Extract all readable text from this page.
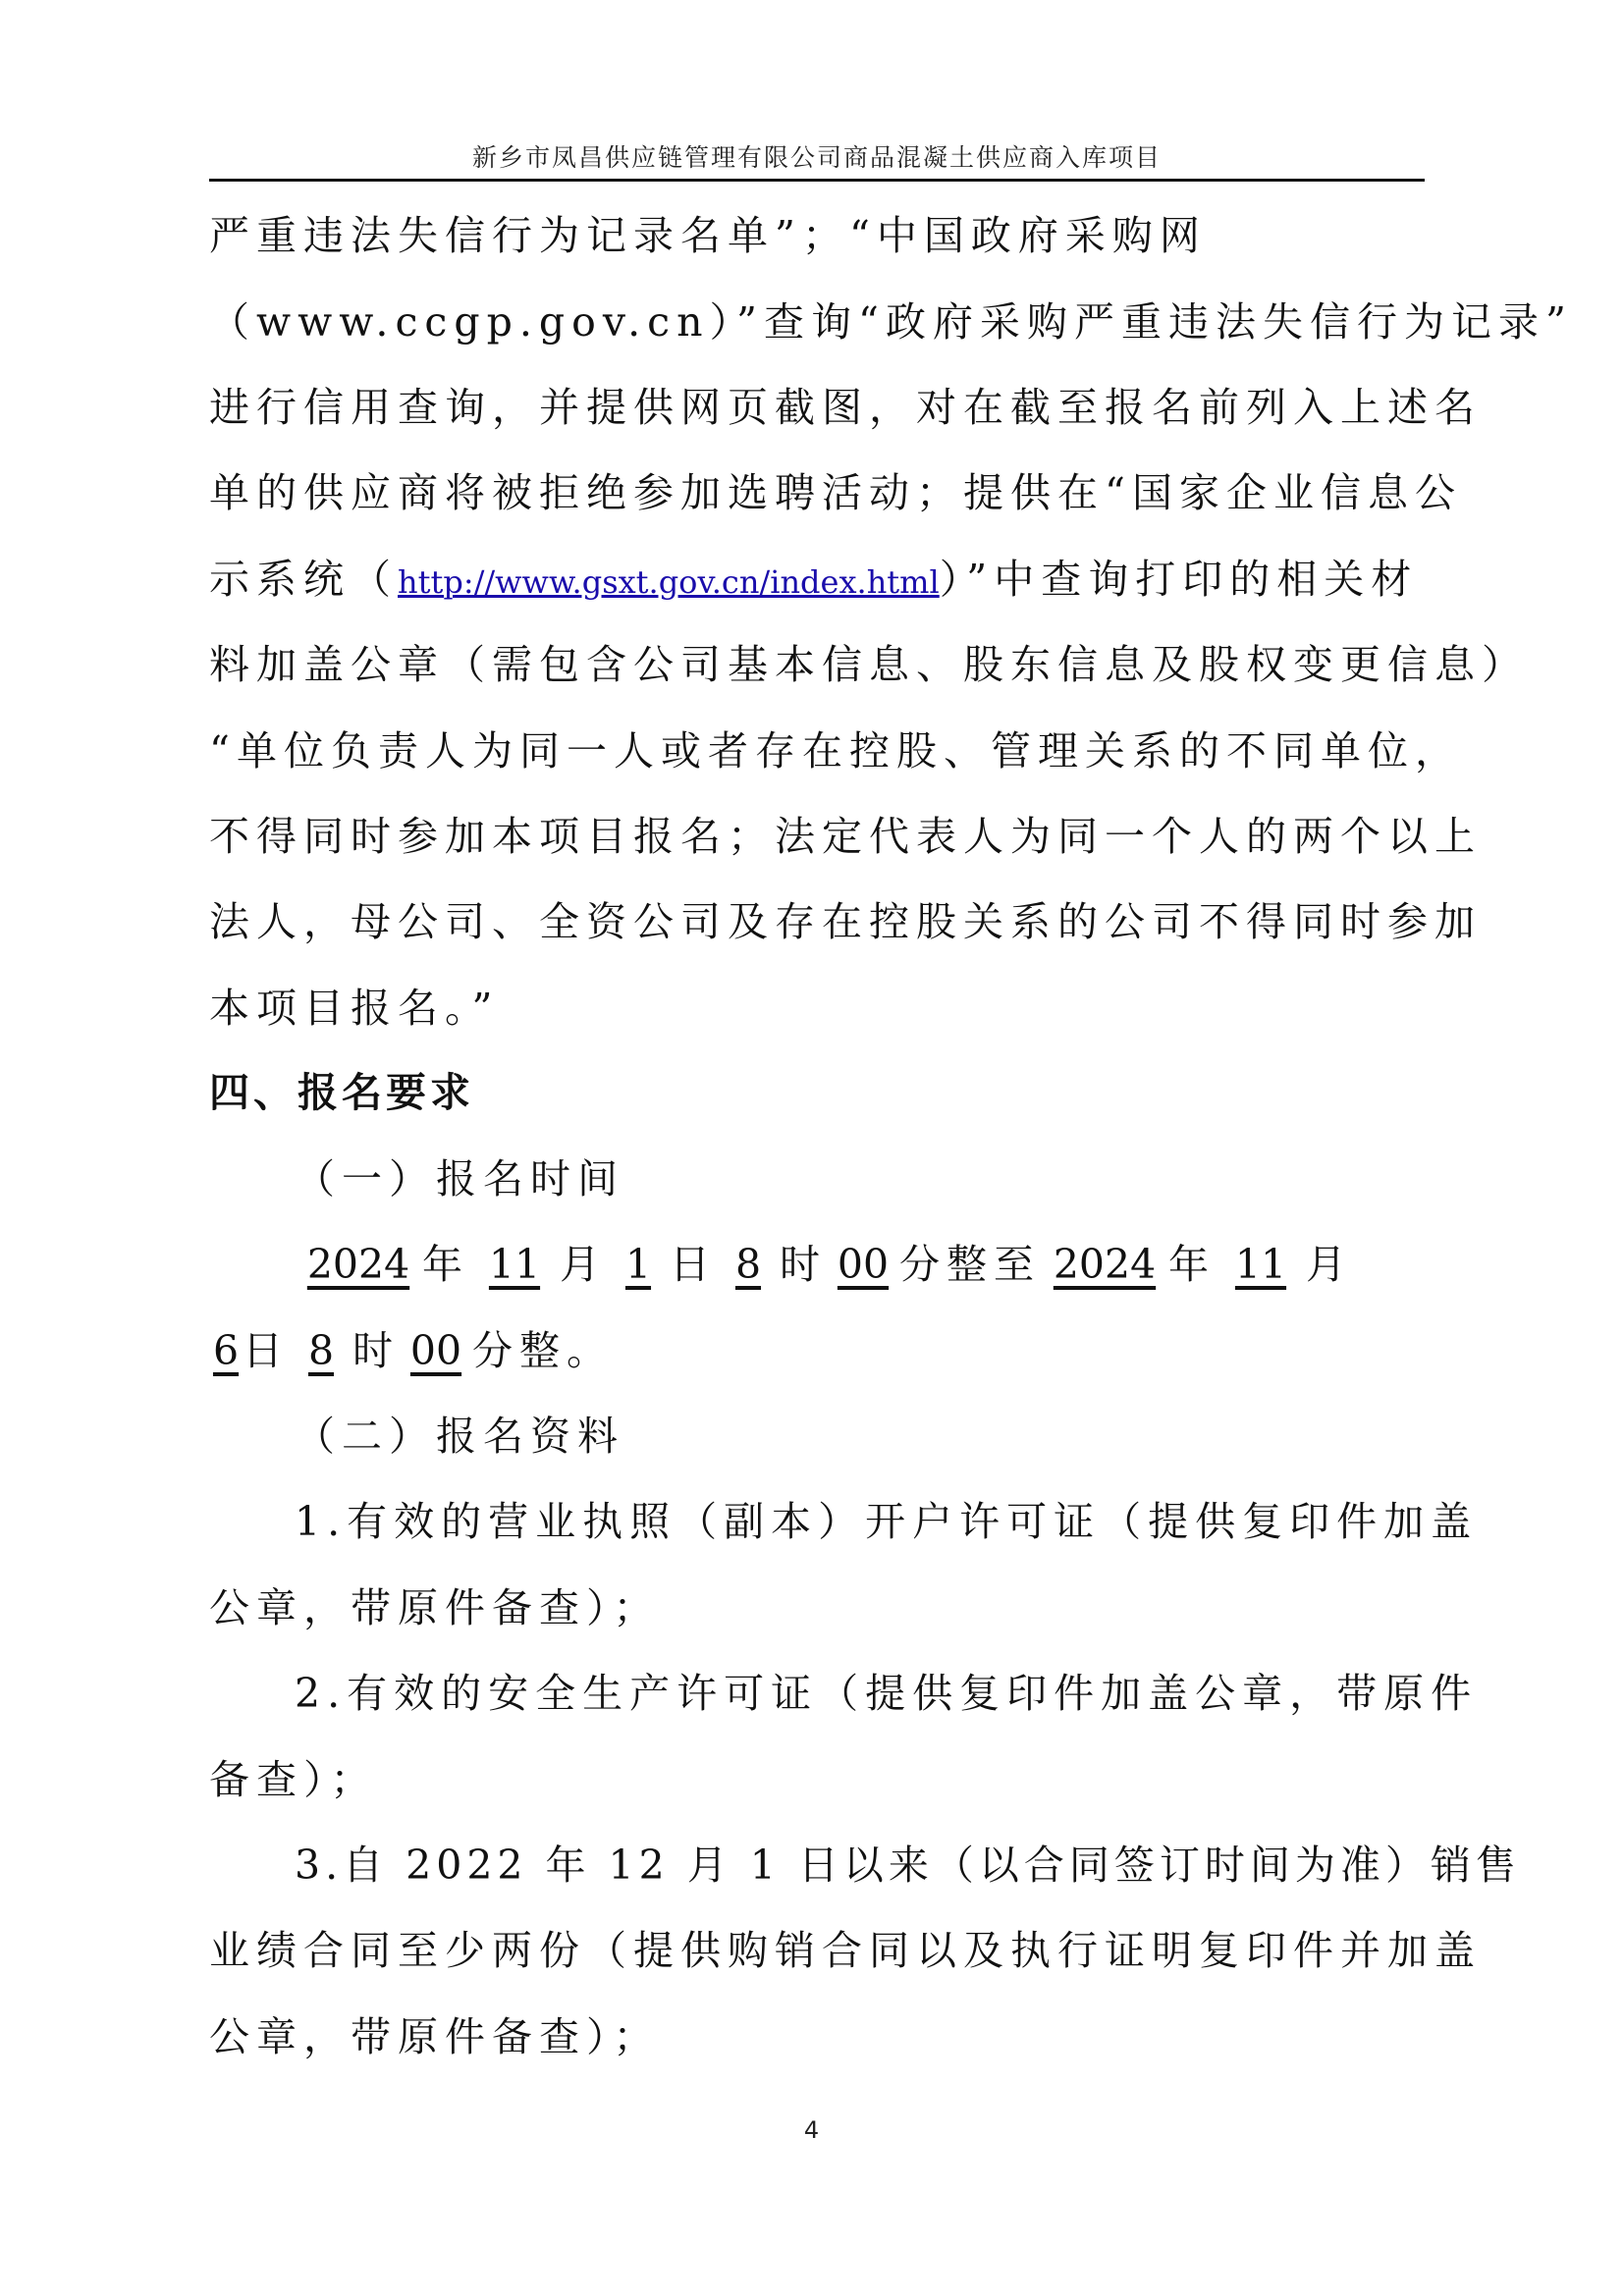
新乡市凤昌供应链管理有限公司商品混凝土供应商入库项目
严重违法失信行为记录名单”；“中国政府采购网
（www.ccgp.gov.cn）”查询“政府采购严重违法失信行为记录”
进行信用查询，并提供网页截图，对在截至报名前列入上述名
单的供应商将被拒绝参加选聘活动；提供在“国家企业信息公
示系统（http://www.gsxt.gov.cn/index.html）”中查询打印的相关材
料加盖公章（需包含公司基本信息、股东信息及股权变更信息）
“单位负责人为同一人或者存在控股、管理关系的不同单位，
不得同时参加本项目报名；法定代表人为同一个人的两个以上
法人，母公司、全资公司及存在控股关系的公司不得同时参加
本项目报名。”
四、报名要求
（一）报名时间
2024 年 11 月 1 日 8 时 00 分整至 2024 年 11 月
6日 8 时 00 分整。
（二）报名资料
1.有效的营业执照（副本）开户许可证（提供复印件加盖
公章，带原件备查）；
2.有效的安全生产许可证（提供复印件加盖公章，带原件
备查）；
3.自 2022 年 12 月 1 日以来（以合同签订时间为准）销售
业绩合同至少两份（提供购销合同以及执行证明复印件并加盖
公章，带原件备查）；
4
